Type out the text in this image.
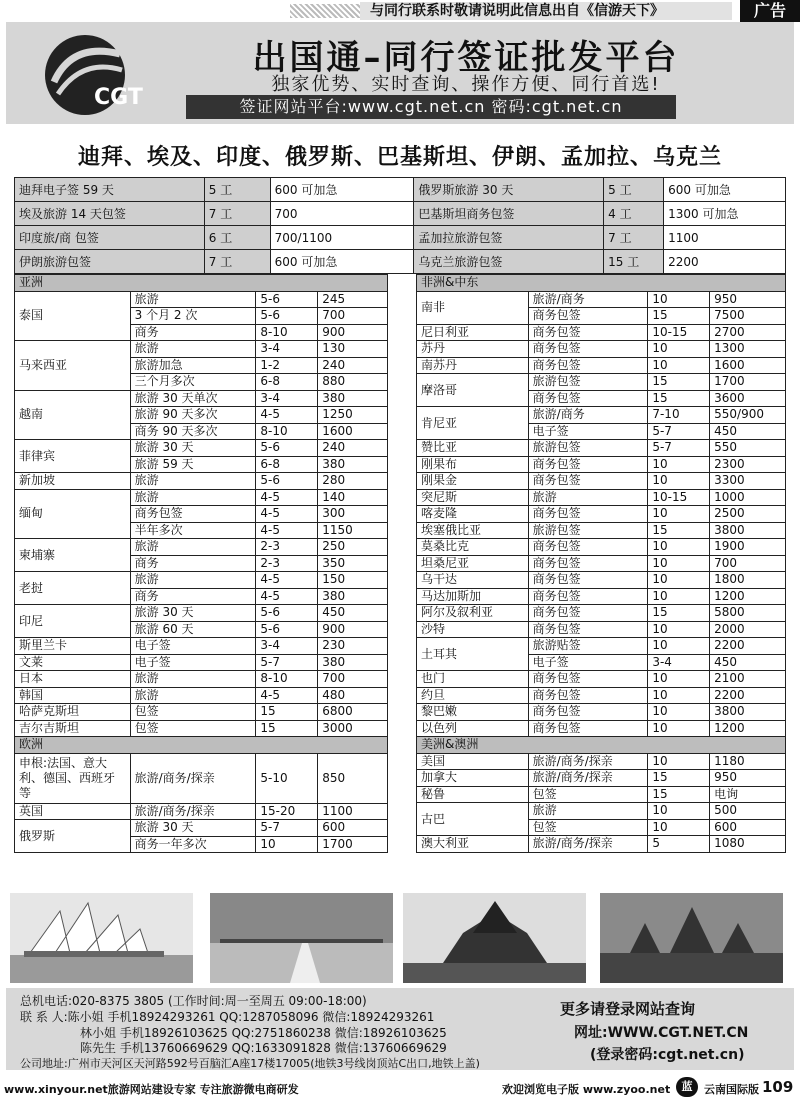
与同行联系时敬请说明此信息出自《信游天下》	广告
CGT
出国通–同行签证批发平台
独家优势、实时查询、操作方便、同行首选!
签证网站平台:www.cgt.net.cn 密码:cgt.net.cn
迪拜、埃及、印度、俄罗斯、巴基斯坦、伊朗、孟加拉、乌克兰
迪拜电子签 59 天	5 工	600 可加急	俄罗斯旅游 30 天	5 工	600 可加急
埃及旅游 14 天包签	7 工	700	巴基斯坦商务包签	4 工	1300 可加急
印度旅/商 包签	6 工	700/1100	孟加拉旅游包签	7 工	1100
伊朗旅游包签	7 工	600 可加急	乌克兰旅游包签	15 工	2200
亚洲			
泰国	旅游	5-6	245
	3 个月 2 次	5-6	700
	商务	8-10	900
马来西亚	旅游	3-4	130
	旅游加急	1-2	240
	三个月多次	6-8	880
越南	旅游 30 天单次	3-4	380
	旅游 90 天多次	4-5	1250
	商务 90 天多次	8-10	1600
菲律宾	旅游 30 天	5-6	240
	旅游 59 天	6-8	380
新加坡	旅游	5-6	280
缅甸	旅游	4-5	140
	商务包签	4-5	300
	半年多次	4-5	1150
柬埔寨	旅游	2-3	250
	商务	2-3	350
老挝	旅游	4-5	150
	商务	4-5	380
印尼	旅游 30 天	5-6	450
	旅游 60 天	5-6	900
斯里兰卡	电子签	3-4	230
文莱	电子签	5-7	380
日本	旅游	8-10	700
韩国	旅游	4-5	480
哈萨克斯坦	包签	15	6800
吉尔吉斯坦	包签	15	3000
欧洲			
申根:法国、意大利、德国、西班牙等	旅游/商务/探亲	5-10	850
英国	旅游/商务/探亲	15-20	1100
俄罗斯	旅游 30 天	5-7	600
	商务一年多次	10	1700
非洲&中东			
南非	旅游/商务	10	950
	商务包签	15	7500
尼日利亚	商务包签	10-15	2700
苏丹	商务包签	10	1300
南苏丹	商务包签	10	1600
摩洛哥	旅游包签	15	1700
	商务包签	15	3600
肯尼亚	旅游/商务	7-10	550/900
	电子签	5-7	450
赞比亚	旅游包签	5-7	550
刚果布	商务包签	10	2300
刚果金	商务包签	10	3300
突尼斯	旅游	10-15	1000
喀麦隆	商务包签	10	2500
埃塞俄比亚	旅游包签	15	3800
莫桑比克	商务包签	10	1900
坦桑尼亚	商务包签	10	700
乌干达	商务包签	10	1800
马达加斯加	商务包签	10	1200
阿尔及叙利亚	商务包签	15	5800
沙特	商务包签	10	2000
土耳其	旅游贴签	10	2200
	电子签	3-4	450
也门	商务包签	10	2100
约旦	商务包签	10	2200
黎巴嫩	商务包签	10	3800
以色列	商务包签	10	1200
美洲&澳洲			
美国	旅游/商务/探亲	10	1180
加拿大	旅游/商务/探亲	15	950
秘鲁	包签	15	电询
古巴	旅游	10	500
	包签	10	600
澳大利亚	旅游/商务/探亲	5	1080
总机电话:020-8375 3805 (工作时间:周一至周五 09:00-18:00)
联 系 人:陈小姐 手机18924293261 QQ:1287058096 微信:18924293261
林小姐 手机18926103625 QQ:2751860238 微信:18926103625
陈先生 手机13760669629 QQ:1633091828 微信:13760669629
公司地址:广州市天河区天河路592号百脑汇A座17楼17005(地铁3号线岗顶站C出口,地铁上盖)
更多请登录网站查询
网址:WWW.CGT.NET.CN
(登录密码:cgt.net.cn)
www.xinyour.net旅游网站建设专家 专注旅游微电商研发	欢迎浏览电子版 www.zyoo.net	蓝	云南国际版 109
